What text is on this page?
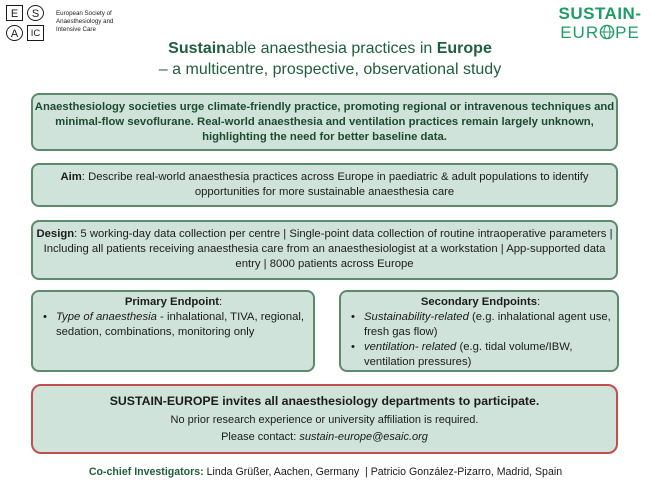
E	S
A	IC
European Society of
Anaesthesiology and
Intensive Care
SUSTAIN-
EUR PE
Sustainable anaesthesia practices in Europe
– a multicentre, prospective, observational study
Anaesthesiology societies urge climate-friendly practice, promoting regional or intravenous techniques and minimal-flow sevoflurane. Real-world anaesthesia and ventilation practices remain largely unknown, highlighting the need for better baseline data.
Aim: Describe real-world anaesthesia practices across Europe in paediatric & adult populations to identify opportunities for more sustainable anaesthesia care
Design: 5 working-day data collection per centre | Single-point data collection of routine intraoperative parameters | Including all patients receiving anaesthesia care from an anaesthesiologist at a workstation | App-supported data entry | 8000 patients across Europe
Primary Endpoint:
• Type of anaesthesia - inhalational, TIVA, regional, sedation, combinations, monitoring only
Secondary Endpoints:
• Sustainability-related (e.g. inhalational agent use, fresh gas flow)
• ventilation- related (e.g. tidal volume/IBW, ventilation pressures)
SUSTAIN-EUROPE invites all anaesthesiology departments to participate.
No prior research experience or university affiliation is required.
Please contact: sustain-europe@esaic.org
Co-chief Investigators: Linda Grüßer, Aachen, Germany  | Patricio González-Pizarro, Madrid, Spain
